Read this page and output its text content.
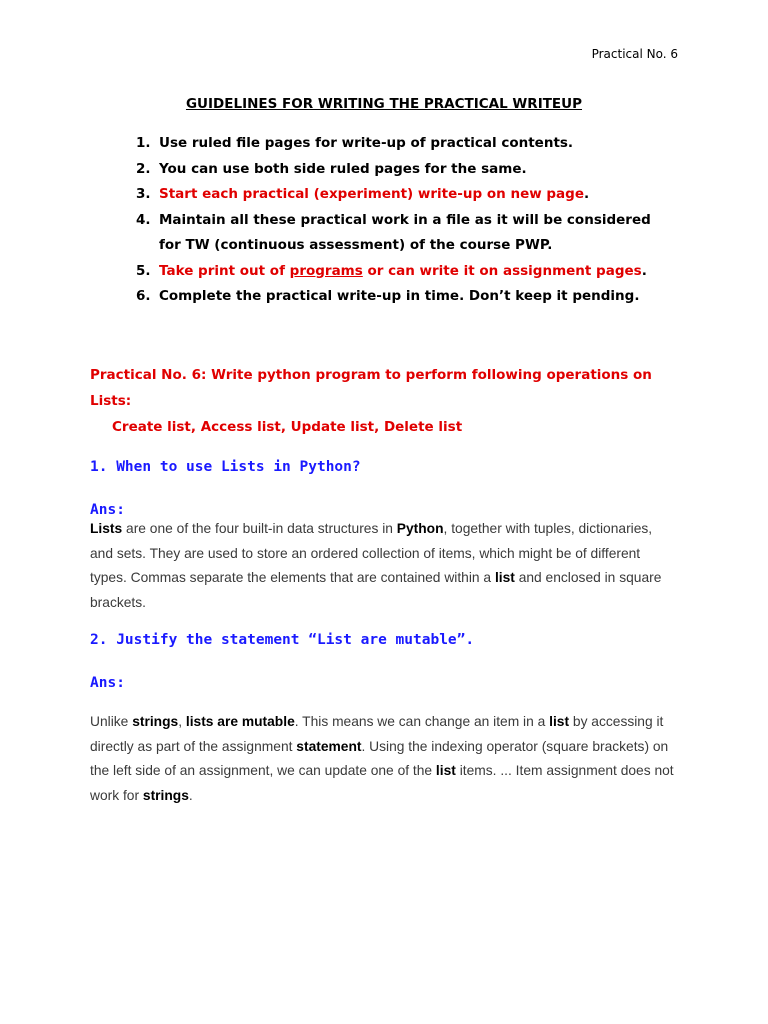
Practical No. 6
GUIDELINES FOR WRITING THE PRACTICAL WRITEUP
1. Use ruled file pages for write-up of practical contents.
2. You can use both side ruled pages for the same.
3. Start each practical (experiment) write-up on new page.
4. Maintain all these practical work in a file as it will be considered for TW (continuous assessment) of the course PWP.
5. Take print out of programs or can write it on assignment pages.
6. Complete the practical write-up in time. Don’t keep it pending.
Practical No. 6: Write python program to perform following operations on Lists:
Create list, Access list, Update list, Delete list
1. When to use Lists in Python?
Ans:
Lists are one of the four built-in data structures in Python, together with tuples, dictionaries, and sets. They are used to store an ordered collection of items, which might be of different types. Commas separate the elements that are contained within a list and enclosed in square brackets.
2. Justify the statement “List are mutable”.
Ans:
Unlike strings, lists are mutable. This means we can change an item in a list by accessing it directly as part of the assignment statement. Using the indexing operator (square brackets) on the left side of an assignment, we can update one of the list items. ... Item assignment does not work for strings.
